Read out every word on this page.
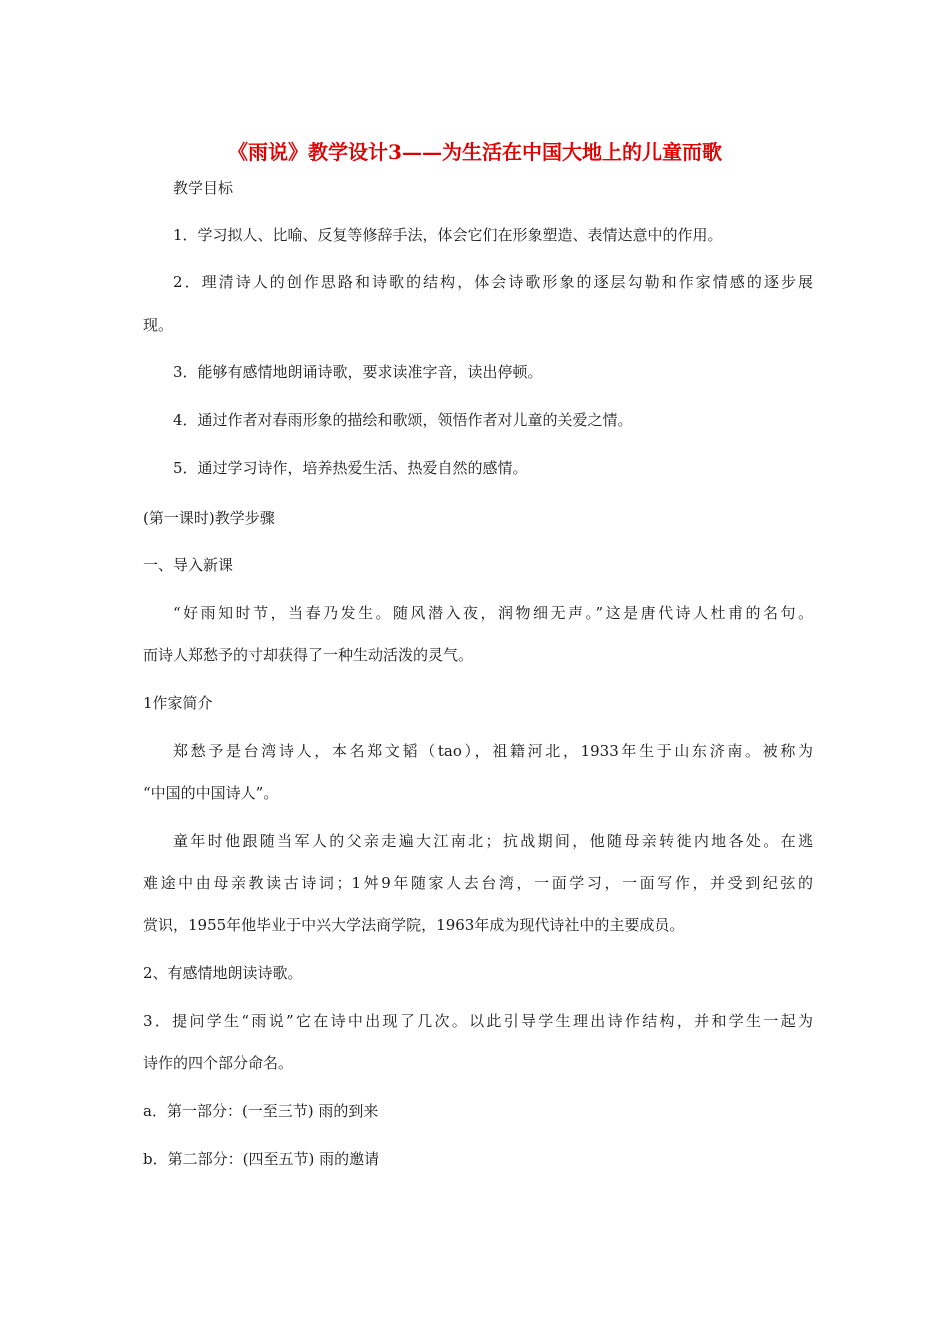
《雨说》教学设计3——为生活在中国大地上的儿童而歌
教学目标
1．学习拟人、比喻、反复等修辞手法，体会它们在形象塑造、表情达意中的作用。
2．理清诗人的创作思路和诗歌的结构，体会诗歌形象的逐层勾勒和作家情感的逐步展
现。
3．能够有感情地朗诵诗歌，要求读准字音，读出停顿。
4．通过作者对春雨形象的描绘和歌颂，领悟作者对儿童的关爱之情。
5．通过学习诗作，培养热爱生活、热爱自然的感情。
(第一课时)教学步骤
一、导入新课
“好雨知时节，当春乃发生。随风潜入夜，润物细无声。”这是唐代诗人杜甫的名句。
而诗人郑愁予的寸却获得了一种生动活泼的灵气。
1作家简介
郑愁予是台湾诗人，本名郑文韬（tao），祖籍河北，1933年生于山东济南。被称为
“中国的中国诗人”。
童年时他跟随当军人的父亲走遍大江南北；抗战期间，他随母亲转徙内地各处。在逃
难途中由母亲教读古诗词；1舛9年随家人去台湾，一面学习，一面写作，并受到纪弦的
赏识，1955年他毕业于中兴大学法商学院，1963年成为现代诗社中的主要成员。
2、有感情地朗读诗歌。
3．提问学生“雨说”它在诗中出现了几次。以此引导学生理出诗作结构，并和学生一起为
诗作的四个部分命名。
a．第一部分：(一至三节) 雨的到来
b．第二部分：(四至五节) 雨的邀请
